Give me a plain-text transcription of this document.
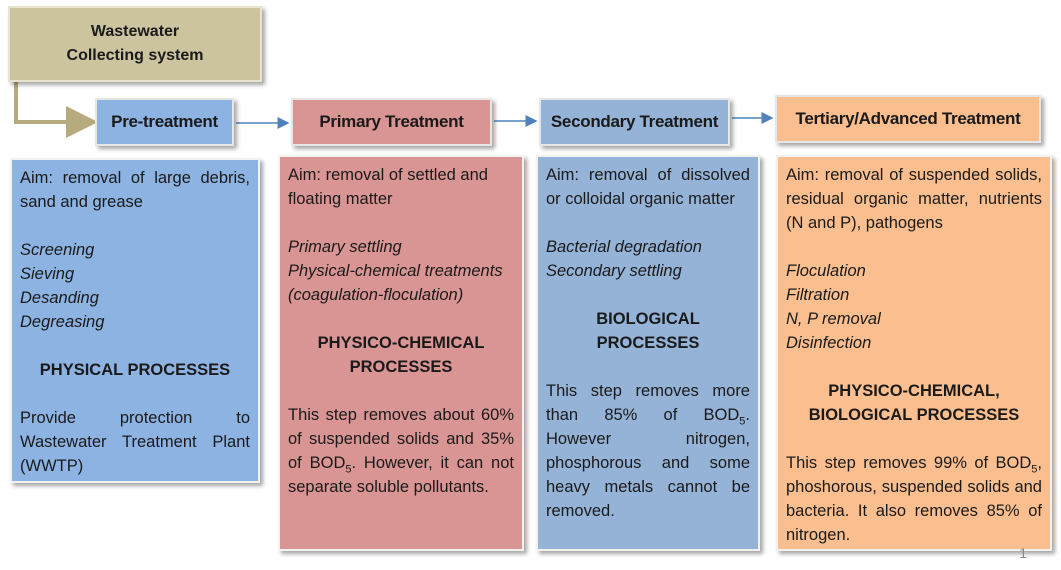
Wastewater
Collecting system
Pre-treatment	Primary Treatment	Secondary Treatment	Tertiary/Advanced Treatment

Aim: removal of large debris, sand and grease

Screening

Sieving

Desanding

Degreasing

PHYSICAL PROCESSES

Provide protection to Wastewater Treatment Plant (WWTP)

Aim: removal of settled and floating matter

Primary settling

Physical-chemical treatments (coagulation-floculation)

PHYSICO-CHEMICAL PROCESSES

This step removes about 60% of suspended solids and 35% of $BOD_5$. However, it can not separate soluble pollutants.

Aim: removal of dissolved or colloidal organic matter

Bacterial degradation

Secondary settling

BIOLOGICAL PROCESSES

This step removes more than 85% of $BOD_5$. However nitrogen, phosphorous and some heavy metals cannot be removed.

Aim: removal of suspended solids, residual organic matter, nutrients (N and P), pathogens

Floculation

Filtration

N, P removal

Disinfection

PHYSICO-CHEMICAL,

BIOLOGICAL PROCESSES

This step removes 99% of $BOD_5$, phoshorous, suspended solids and bacteria. It also removes 85% of nitrogen.

1
